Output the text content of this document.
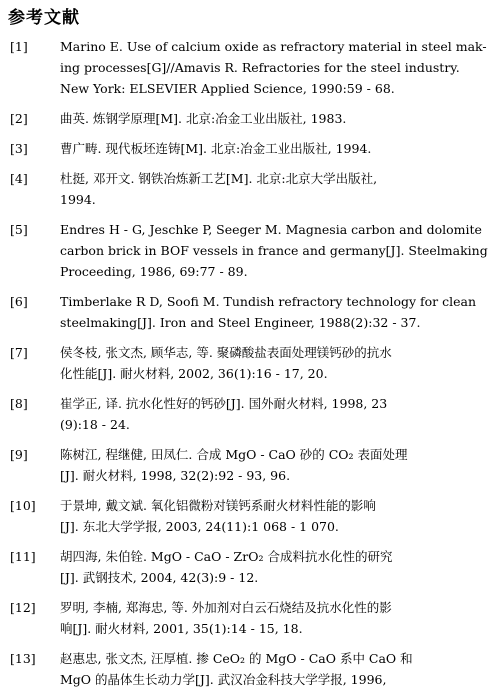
参考文献
[1]	Marino E. Use of calcium oxide as refractory material in steel mak-
ing processes[G]//Amavis R. Refractories for the steel industry.
New York: ELSEVIER Applied Science, 1990:59 - 68.
[2]	曲英. 炼钢学原理[M]. 北京:冶金工业出版社, 1983.
[3]	曹广畴. 现代板坯连铸[M]. 北京:冶金工业出版社, 1994.
[4]	杜挺, 邓开文. 钢铁冶炼新工艺[M]. 北京:北京大学出版社,
1994.
[5]	Endres H - G, Jeschke P, Seeger M. Magnesia carbon and dolomite
carbon brick in BOF vessels in france and germany[J]. Steelmaking
Proceeding, 1986, 69:77 - 89.
[6]	Timberlake R D, Soofi M. Tundish refractory technology for clean
steelmaking[J]. Iron and Steel Engineer, 1988(2):32 - 37.
[7]	侯冬枝, 张文杰, 顾华志, 等. 聚磷酸盐表面处理镁钙砂的抗水
化性能[J]. 耐火材料, 2002, 36(1):16 - 17, 20.
[8]	崔学正, 译. 抗水化性好的钙砂[J]. 国外耐火材料, 1998, 23
(9):18 - 24.
[9]	陈树江, 程继健, 田凤仁. 合成 MgO - CaO 砂的 CO₂ 表面处理
[J]. 耐火材料, 1998, 32(2):92 - 93, 96.
[10] 于景坤, 戴文斌. 氧化铝微粉对镁钙系耐火材料性能的影响
[J]. 东北大学学报, 2003, 24(11):1 068 - 1 070.
[11] 胡四海, 朱伯铨. MgO - CaO - ZrO₂ 合成料抗水化性的研究
[J]. 武钢技术, 2004, 42(3):9 - 12.
[12] 罗明, 李楠, 郑海忠, 等. 外加剂对白云石烧结及抗水化性的影
响[J]. 耐火材料, 2001, 35(1):14 - 15, 18.
[13] 赵惠忠, 张文杰, 汪厚植. 掺 CeO₂ 的 MgO - CaO 系中 CaO 和
MgO 的晶体生长动力学[J]. 武汉冶金科技大学学报, 1996,
